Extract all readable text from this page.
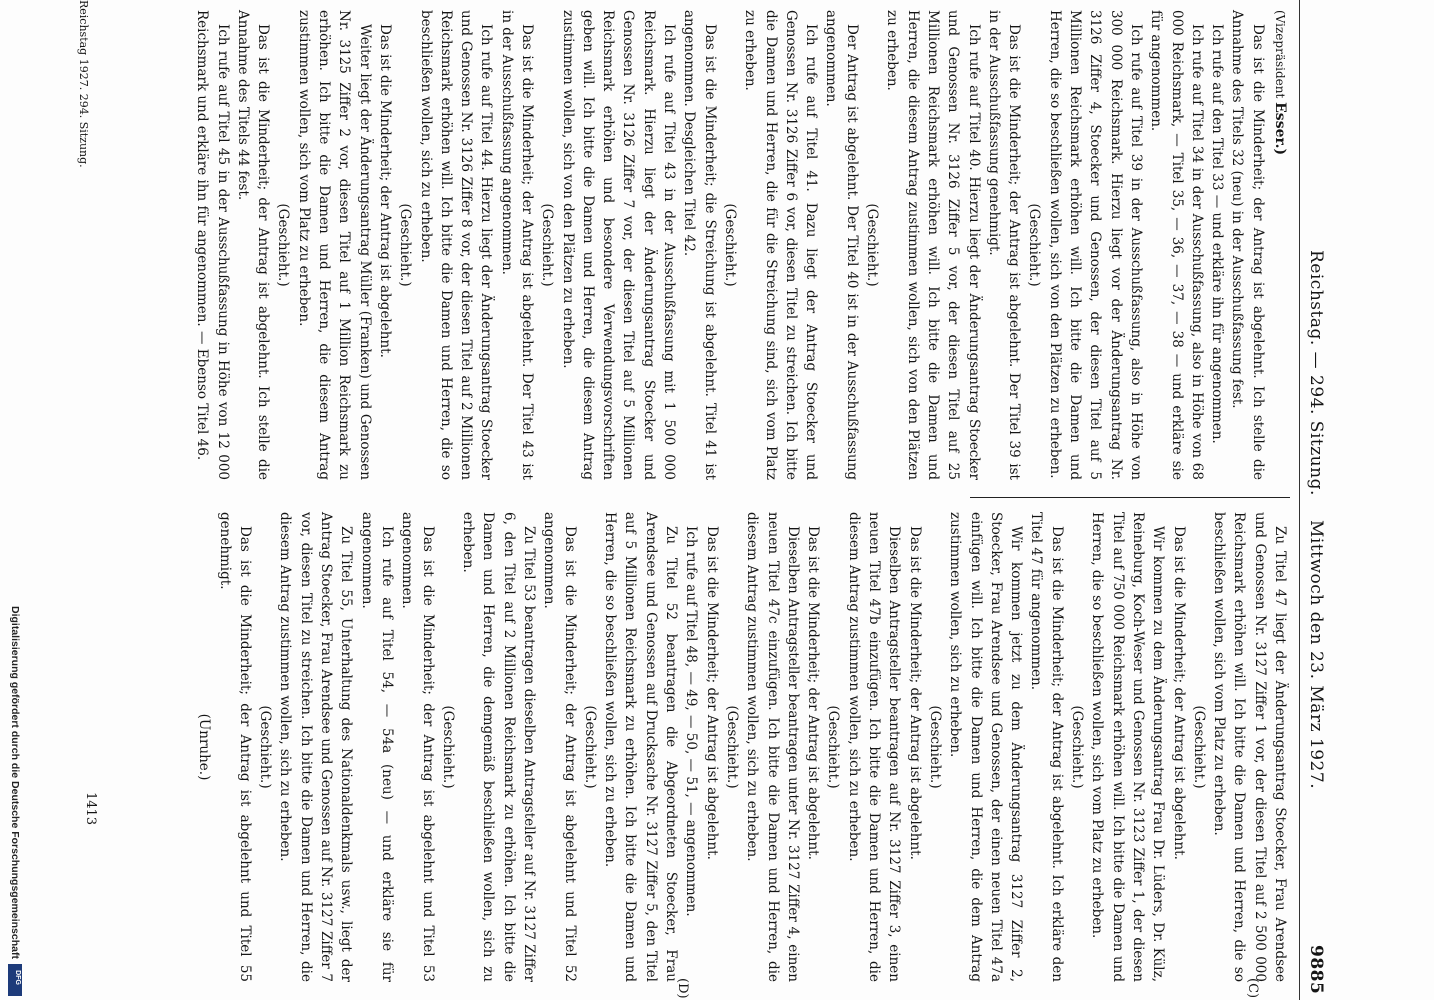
Reichstag. — 294. Sitzung.
Mittwoch den 23. März 1927.
9885
(C)
(D)
(Vizepräsident Esser.)

Das ist die Minderheit; der Antrag ist abgelehnt. Ich stelle die Annahme des Titels 32 (neu) in der Ausschußfassung fest.

Ich rufe auf den Titel 33 — und erkläre ihn für angenommen.

Ich rufe auf Titel 34 in der Ausschußfassung, also in Höhe von 68 000 Reichsmark, — Titel 35, — 36, — 37, — 38 — und erkläre sie für angenommen.

Ich rufe auf Titel 39 in der Ausschußfassung, also in Höhe von 300 000 Reichsmark. Hierzu liegt vor der Änderungsantrag Nr. 3126 Ziffer 4, Stoecker und Genossen, der diesen Titel auf 5 Millionen Reichsmark erhöhen will. Ich bitte die Damen und Herren, die so beschließen wollen, sich von den Plätzen zu erheben.

(Geschieht.)

Das ist die Minderheit; der Antrag ist abgelehnt. Der Titel 39 ist in der Ausschußfassung genehmigt.

Ich rufe auf Titel 40. Hierzu liegt der Änderungsantrag Stoecker und Genossen Nr. 3126 Ziffer 5 vor, der diesen Titel auf 25 Millionen Reichsmark erhöhen will. Ich bitte die Damen und Herren, die diesem Antrag zustimmen wollen, sich von den Plätzen zu erheben.

(Geschieht.)

Der Antrag ist abgelehnt. Der Titel 40 ist in der Ausschußfassung angenommen.

Ich rufe auf Titel 41. Dazu liegt der Antrag Stoecker und Genossen Nr. 3126 Ziffer 6 vor, diesen Titel zu streichen. Ich bitte die Damen und Herren, die für die Streichung sind, sich vom Platz zu erheben.

(Geschieht.)

Das ist die Minderheit; die Streichung ist abgelehnt. Titel 41 ist angenommen. Desgleichen Titel 42.

Ich rufe auf Titel 43 in der Ausschußfassung mit 1 500 000 Reichsmark. Hierzu liegt der Änderungsantrag Stoecker und Genossen Nr. 3126 Ziffer 7 vor, der diesen Titel auf 5 Millionen Reichsmark erhöhen und besondere Verwendungsvorschriften geben will. Ich bitte die Damen und Herren, die diesem Antrag zustimmen wollen, sich von den Plätzen zu erheben.

(Geschieht.)

Das ist die Minderheit; der Antrag ist abgelehnt. Der Titel 43 ist in der Ausschußfassung angenommen.

Ich rufe auf Titel 44. Hierzu liegt der Änderungsantrag Stoecker und Genossen Nr. 3126 Ziffer 8 vor, der diesen Titel auf 2 Millionen Reichsmark erhöhen will. Ich bitte die Damen und Herren, die so beschließen wollen, sich zu erheben.

(Geschieht.)

Das ist die Minderheit; der Antrag ist abgelehnt.

Weiter liegt der Änderungsantrag Müller (Franken) und Genossen Nr. 3125 Ziffer 2 vor, diesen Titel auf 1 Million Reichsmark zu erhöhen. Ich bitte die Damen und Herren, die diesem Antrag zustimmen wollen, sich vom Platz zu erheben.

(Geschieht.)

Das ist die Minderheit; der Antrag ist abgelehnt. Ich stelle die Annahme des Titels 44 fest.

Ich rufe auf Titel 45 in der Ausschußfassung in Höhe von 12 000 Reichsmark und erkläre ihn für angenommen. — Ebenso Titel 46.

Zu Titel 47 liegt der Änderungsantrag Stoecker, Frau Arendsee und Genossen Nr. 3127 Ziffer 1 vor, der diesen Titel auf 2 500 000 Reichsmark erhöhen will. Ich bitte die Damen und Herren, die so beschließen wollen, sich vom Platz zu erheben.

(Geschieht.)

Das ist die Minderheit; der Antrag ist abgelehnt.

Wir kommen zu dem Änderungsantrag Frau Dr. Lüders, Dr. Külz, Reineburg, Koch-Weser und Genossen Nr. 3123 Ziffer 1, der diesen Titel auf 750 000 Reichsmark erhöhen will. Ich bitte die Damen und Herren, die so beschließen wollen, sich vom Platz zu erheben.

(Geschieht.)

Das ist die Minderheit; der Antrag ist abgelehnt. Ich erkläre den Titel 47 für angenommen.

Wir kommen jetzt zu dem Änderungsantrag 3127 Ziffer 2, Stoecker, Frau Arendsee und Genossen, der einen neuen Titel 47a einfügen will. Ich bitte die Damen und Herren, die dem Antrag zustimmen wollen, sich zu erheben.

(Geschieht.)

Das ist die Minderheit; der Antrag ist abgelehnt.

Dieselben Antragsteller beantragen auf Nr. 3127 Ziffer 3, einen neuen Titel 47b einzufügen. Ich bitte die Damen und Herren, die diesem Antrag zustimmen wollen, sich zu erheben.

(Geschieht.)

Das ist die Minderheit; der Antrag ist abgelehnt.

Dieselben Antragsteller beantragen unter Nr. 3127 Ziffer 4, einen neuen Titel 47c einzufügen. Ich bitte die Damen und Herren, die diesem Antrag zustimmen wollen, sich zu erheben.

(Geschieht.)

Das ist die Minderheit; der Antrag ist abgelehnt.

Ich rufe auf Titel 48, — 49, — 50, — 51, — angenommen.

Zu Titel 52 beantragen die Abgeordneten Stoecker, Frau Arendsee und Genossen auf Drucksache Nr. 3127 Ziffer 5, den Titel auf 5 Millionen Reichsmark zu erhöhen. Ich bitte die Damen und Herren, die so beschließen wollen, sich zu erheben.

(Geschieht.)

Das ist die Minderheit; der Antrag ist abgelehnt und Titel 52 angenommen.

Zu Titel 53 beantragen dieselben Antragsteller auf Nr. 3127 Ziffer 6, den Titel auf 2 Millionen Reichsmark zu erhöhen. Ich bitte die Damen und Herren, die demgemäß beschließen wollen, sich zu erheben.

(Geschieht.)

Das ist die Minderheit; der Antrag ist abgelehnt und Titel 53 angenommen.

Ich rufe auf Titel 54, — 54a (neu) — und erkläre sie für angenommen.

Zu Titel 55, Unterhaltung des Nationaldenkmals usw., liegt der Antrag Stoecker, Frau Arendsee und Genossen auf Nr. 3127 Ziffer 7 vor, diesen Titel zu streichen. Ich bitte die Damen und Herren, die diesem Antrag zustimmen wollen, sich zu erheben.

(Geschieht.)

Das ist die Minderheit; der Antrag ist abgelehnt und Titel 55 genehmigt.

(Unruhe.)

Reichstag 1927. 294. Sitzung.
1413
Digitalisierung gefördert durch die Deutsche Forschungsgemeinschaft
DFG
